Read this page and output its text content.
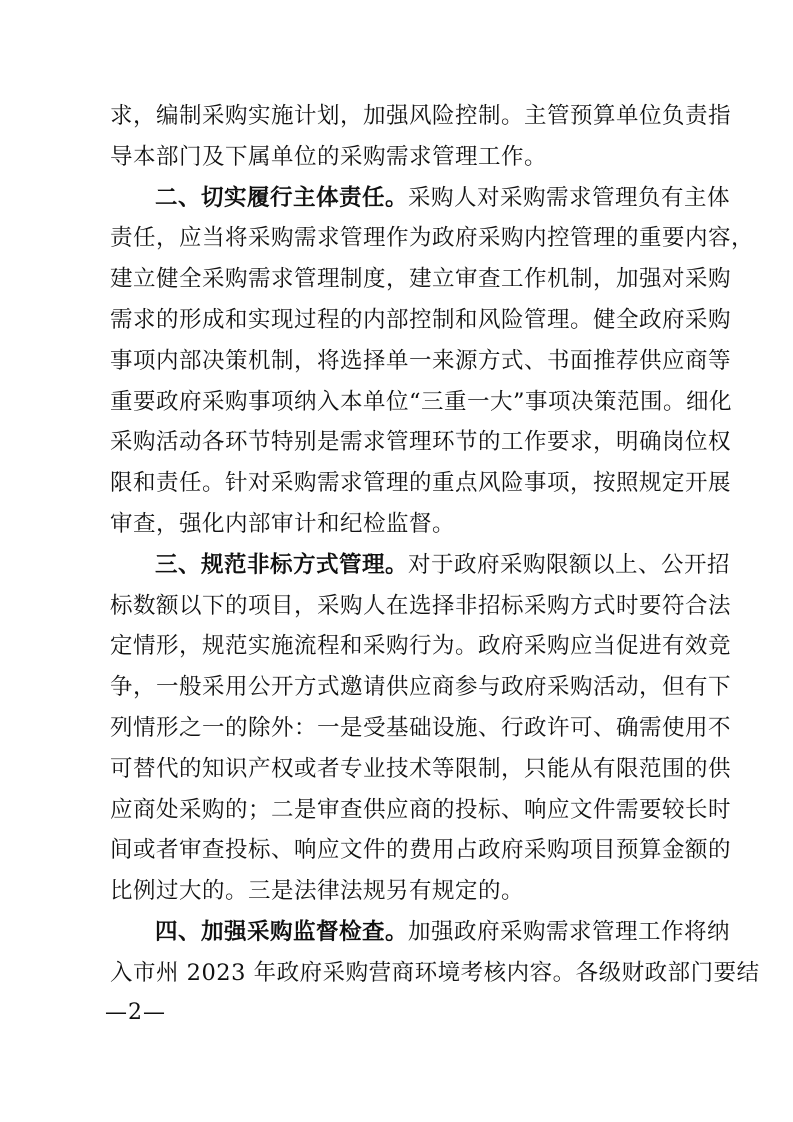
求，编制采购实施计划，加强风险控制。主管预算单位负责指
导本部门及下属单位的采购需求管理工作。
二、切实履行主体责任。采购人对采购需求管理负有主体
责任，应当将采购需求管理作为政府采购内控管理的重要内容，
建立健全采购需求管理制度，建立审查工作机制，加强对采购
需求的形成和实现过程的内部控制和风险管理。健全政府采购
事项内部决策机制，将选择单一来源方式、书面推荐供应商等
重要政府采购事项纳入本单位“三重一大”事项决策范围。细化
采购活动各环节特别是需求管理环节的工作要求，明确岗位权
限和责任。针对采购需求管理的重点风险事项，按照规定开展
审查，强化内部审计和纪检监督。
三、规范非标方式管理。对于政府采购限额以上、公开招
标数额以下的项目，采购人在选择非招标采购方式时要符合法
定情形，规范实施流程和采购行为。政府采购应当促进有效竞
争，一般采用公开方式邀请供应商参与政府采购活动，但有下
列情形之一的除外：一是受基础设施、行政许可、确需使用不
可替代的知识产权或者专业技术等限制，只能从有限范围的供
应商处采购的；二是审查供应商的投标、响应文件需要较长时
间或者审查投标、响应文件的费用占政府采购项目预算金额的
比例过大的。三是法律法规另有规定的。
四、加强采购监督检查。加强政府采购需求管理工作将纳
入市州 2023 年政府采购营商环境考核内容。各级财政部门要结
—2—
